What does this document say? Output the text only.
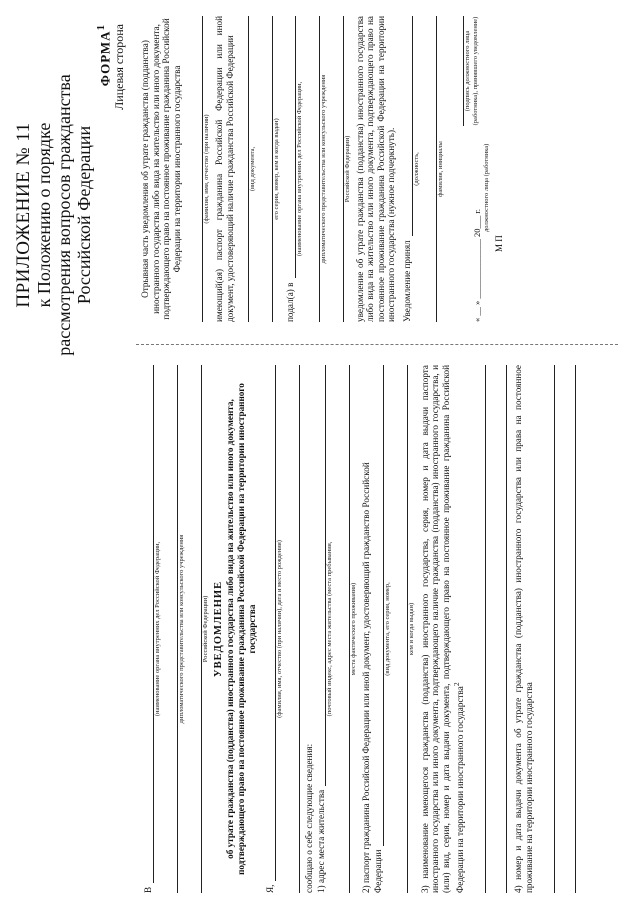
ПРИЛОЖЕНИЕ № 11 к Положению о порядке рассмотрения вопросов гражданства Российской Федерации
ФОРМА$^1$ Лицевая сторона
В
(наименование органа внутренних дел Российской Федерации,	дипломатического представительства или консульского учреждения	Российской Федерации) УВЕДОМЛЕНИЕ об утрате гражданства (подданства) иностранного государства либо вида на жительство или иного документа, подтверждающего право на постоянное проживание гражданина Российской Федерации на территории иностранного государства
Я,
(фамилия, имя, отчество (при наличии), дата и место рождения)
сообщаю о себе следующие сведения: 1) адрес места жительства
(почтовый индекс, адрес места жительства (места пребывания,	места фактического проживания) 2) паспорт гражданина Российской Федерации или иной документ, удостоверяющий гражданство Российской Федерации
(вид документа, его серия, номер,	кем и когда выдан) 3) наименование имеющегося гражданства (подданства) иностранного государства, серия, номер и дата выдачи паспорта иностранного государства или иного документа, подтверждающего наличие гражданства (подданства) иностранного государства, и (или) вид, серия, номер и дата выдачи документа, подтверждающего право на постоянное проживание гражданина Российской Федерации на территории иностранного государства$^2$	4) номер и дата выдачи документа об утрате гражданства (подданства) иностранного государства или права на постоянное проживание на территории иностранного государства
Отрывная часть уведомления об утрате гражданства (подданства) иностранного государства либо вида на жительство или иного документа, подтверждающего право на постоянное проживание гражданина Российской Федерации на территории иностранного государства	(фамилия, имя, отчество (при наличии) имеющий(ая) паспорт гражданина Российской Федерации или иной документ, удостоверяющий наличие гражданства Российской Федерации (вид документа,	его серия, номер, кем и когда выдан)
подал(а) в
(наименование органа внутренних дел Российской Федерации,	дипломатического представительства или консульского учреждения	Российской Федерации) уведомление об утрате гражданства (подданства) иностранного государства либо вида на жительство или иного документа, подтверждающего право на постоянное проживание гражданина Российской Федерации на территории иностранного государства (нужное подчеркнуть). Уведомление принял
(должность,	фамилия, инициалы
« __ » ______________ 20___ г.
(подпись должностного лица (работника), принявшего уведомление)
должностного лица (работника)
М П
